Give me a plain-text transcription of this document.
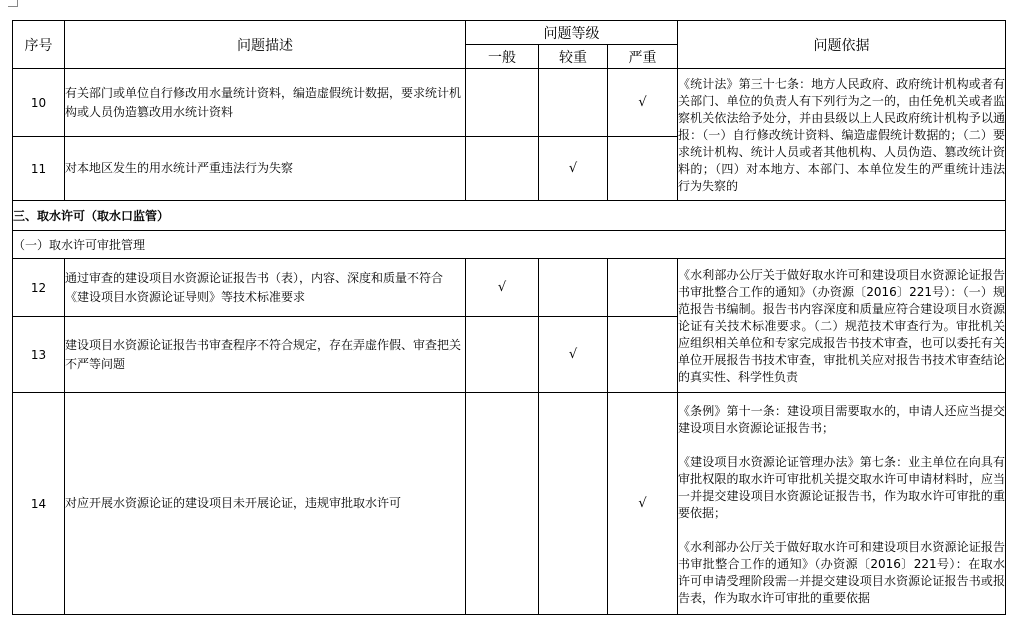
序号	问题描述	问题等级			问题依据
		一般	较重	严重	
10	有关部门或单位自行修改用水量统计资料，编造虚假统计数据，要求统计机构或人员伪造篡改用水统计资料			√	《统计法》第三十七条：地方人民政府、政府统计机构或者有关部门、单位的负责人有下列行为之一的，由任免机关或者监察机关依法给予处分，并由县级以上人民政府统计机构予以通报：（一）自行修改统计资料、编造虚假统计数据的；（二）要求统计机构、统计人员或者其他机构、人员伪造、篡改统计资料的；（四）对本地方、本部门、本单位发生的严重统计违法行为失察的
11	对本地区发生的用水统计严重违法行为失察		√		
三、取水许可（取水口监管）					
（一）取水许可审批管理					
12	通过审查的建设项目水资源论证报告书（表），内容、深度和质量不符合《建设项目水资源论证导则》等技术标准要求	√			《水利部办公厅关于做好取水许可和建设项目水资源论证报告书审批整合工作的通知》（办资源〔2016〕221号）：（一）规范报告书编制。报告书内容深度和质量应符合建设项目水资源论证有关技术标准要求。（二）规范技术审查行为。审批机关应组织相关单位和专家完成报告书技术审查，也可以委托有关单位开展报告书技术审查，审批机关应对报告书技术审查结论的真实性、科学性负责
13	建设项目水资源论证报告书审查程序不符合规定，存在弄虚作假、审查把关不严等问题		√		
14	对应开展水资源论证的建设项目未开展论证，违规审批取水许可			√	《条例》第十一条：建设项目需要取水的，申请人还应当提交建设项目水资源论证报告书；
《建设项目水资源论证管理办法》第七条：业主单位在向具有审批权限的取水许可审批机关提交取水许可申请材料时，应当一并提交建设项目水资源论证报告书，作为取水许可审批的重要依据；
《水利部办公厅关于做好取水许可和建设项目水资源论证报告书审批整合工作的通知》（办资源〔2016〕221号）：在取水许可申请受理阶段需一并提交建设项目水资源论证报告书或报告表，作为取水许可审批的重要依据
